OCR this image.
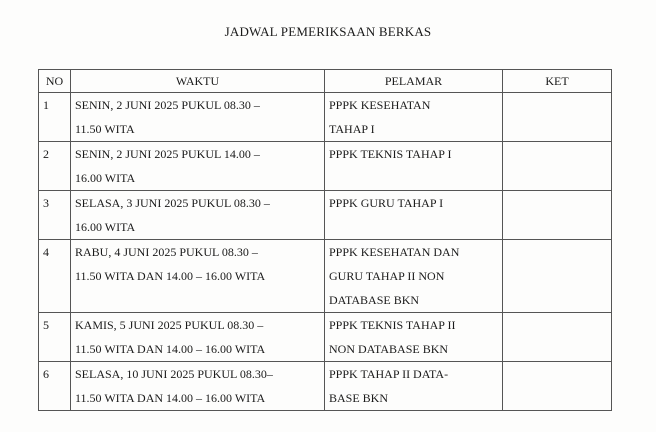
JADWAL PEMERIKSAAN BERKAS
NO	WAKTU	PELAMAR	KET
1	SENIN, 2 JUNI 2025 PUKUL 08.30 –
11.50 WITA	PPPK KESEHATAN
TAHAP I	

2	SENIN, 2 JUNI 2025 PUKUL 14.00 –
16.00 WITA	PPPK TEKNIS TAHAP I	

3	SELASA, 3 JUNI 2025 PUKUL 08.30 –
16.00 WITA	PPPK GURU TAHAP I	

4	RABU, 4 JUNI 2025 PUKUL 08.30 –
11.50 WITA DAN 14.00 – 16.00 WITA	PPPK KESEHATAN DAN
GURU TAHAP II NON
DATABASE BKN	

5	KAMIS, 5 JUNI 2025 PUKUL 08.30 –
11.50 WITA DAN 14.00 – 16.00 WITA	PPPK TEKNIS TAHAP II
NON DATABASE BKN	

6	SELASA, 10 JUNI 2025 PUKUL 08.30–
11.50 WITA DAN 14.00 – 16.00 WITA	PPPK TAHAP II DATA-
BASE BKN	
